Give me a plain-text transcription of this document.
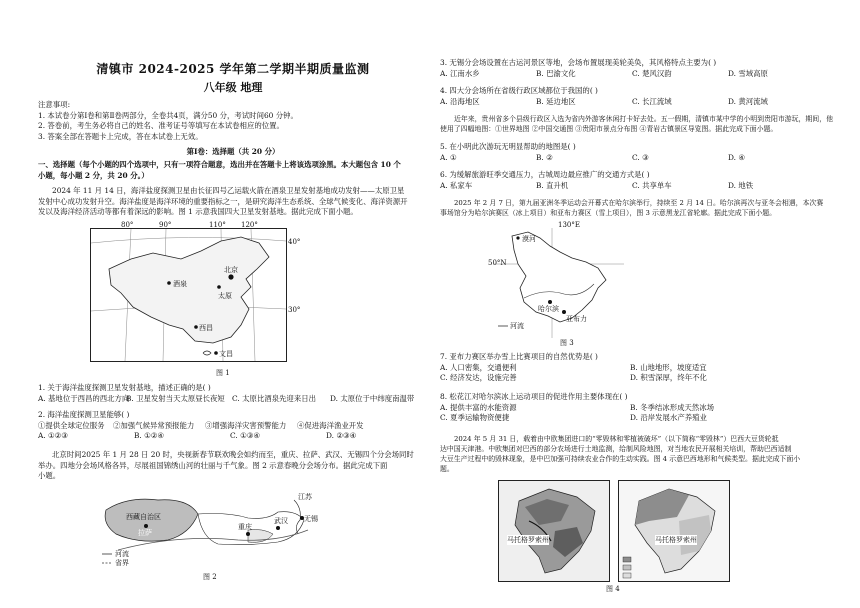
清镇市 2024-2025 学年第二学期半期质量监测
八年级 地理

注意事项:

1. 本试卷分第Ⅰ卷和第Ⅱ卷两部分，全卷共4页，满分50 分，考试时间60 分钟。

2. 答卷前，考生务必将自己的姓名、准考证号等填写在本试卷相应的位置。

3. 答案全部在答题卡上完成，答在本试卷上无效。

第Ⅰ卷：选择题（共 20 分）

一、选择题（每个小题的四个选项中，只有一项符合题意，选出并在答题卡上将该选项涂黑。本大题包含 10 个

小题，每小题 2 分，共 20 分。）

2024 年 11 月 14 日，海洋盐度探测卫星由长征四号乙运载火箭在酒泉卫星发射基地成功发射——太原卫星

发射中心成功发射升空。海洋盐度是海洋环境的重要指标之一，是研究海洋生态系统、全球气候变化、海洋资源开

发以及海洋经济活动等都有着深远的影响。图 1 示意我国四大卫星发射基地。据此完成下面小题。

80°	90°	110° 120°
40°
30°
北京
酒泉
太原
西昌
文昌
图 1

1. 关于海洋盐度探测卫星发射基地，描述正确的是( )

A. 基地位于西昌的西北方向
B. 卫星发射当天太原昼长夜短 C. 太原比酒泉先迎来日出	D. 太原位于中纬度南温带

2. 海洋盐度探测卫星能够( )

①提供全球定位服务	②加强气候异常预报能力	③增强海洋灾害预警能力	④促进海洋渔业开发
A. ①②③	B. ①②④	C. ①③④	D. ②③④

北京时间2025 年 1 月 28 日 20 时，央视新春节联欢晚会如约而至，重庆、拉萨、武汉、无锡四个分会场同时

举办。四地分会场风格各异，尽展祖国锦绣山河的壮丽与千气象。图 2 示意春晚分会场分布。据此完成下面

小题。

西藏自治区
拉萨
重庆
武汉
江苏
无锡
河流
省界
图 2

3. 无锡分会场设置在古运河景区等地，会场布置展现美轮美奂，其风格特点主要为( )

A. 江南水乡	B. 巴渝文化	C. 楚风汉韵	D. 雪域高原

4. 四大分会场所在省级行政区域都位于我国的( )

A. 沿海地区	B. 延边地区	C. 长江流域	D. 黄河流域

近年来，贵州省多个县级行政区入选为省内外游客休闲打卡好去处。五一假期，清镇市某中学的小明到贵阳市游玩，期间，他

使用了四幅地图：①世界地图 ②中国交通图 ③贵阳市景点分布图 ④青岩古镇景区导览图。据此完成下面小题。

5. 在小明此次游玩无明显帮助的地图是( )

A. ①	B. ②	C. ③	D. ④

6. 为缓解旅游旺季交通压力，古城周边最应推广的交通方式是( )

A. 私家车	B. 直升机	C. 共享单车	D. 地铁

2025 年 2 月 7 日，第九届亚洲冬季运动会开幕式在哈尔滨举行，持续至 2 月 14 日。哈尔滨再次与亚冬会相遇，本次赛

事场馆分为哈尔滨赛区（冰上项目）和亚布力赛区（雪上项目），图 3 示意黑龙江省轮廓。据此完成下面小题。

130°E
50°N
漠河
哈尔滨
亚布力
河流
图 3

7. 亚布力赛区举办雪上比赛项目的自然优势是( )

A. 人口密集，交通便利	B. 山地地形，坡度适宜
C. 经济发达，设施完善	D. 积雪深厚，终年不化

8. 松花江对哈尔滨冰上运动项目的促进作用主要体现在( )

A. 提供丰富的水能资源	B. 冬季结冰形成天然冰场
C. 夏季运输物资便捷	D. 沿岸发展水产养殖业

2024 年 5 月 31 日，载着由中欧集团进口的“零毁林和零植被破坏”（以下简称“零毁林”）巴西大豆货轮抵

达中国天津港。中欧集团对巴西的部分农场进行土地监测，给制风险地图，对当地农民开展相关培训，帮助巴西适制

大豆生产过程中的毁林现象，是中巴加强可持续农业合作的生动实践。图 4 示意巴西地形和气候类型。据此完成下面小

题。

马托格罗索州	马托格罗索州
图 4
